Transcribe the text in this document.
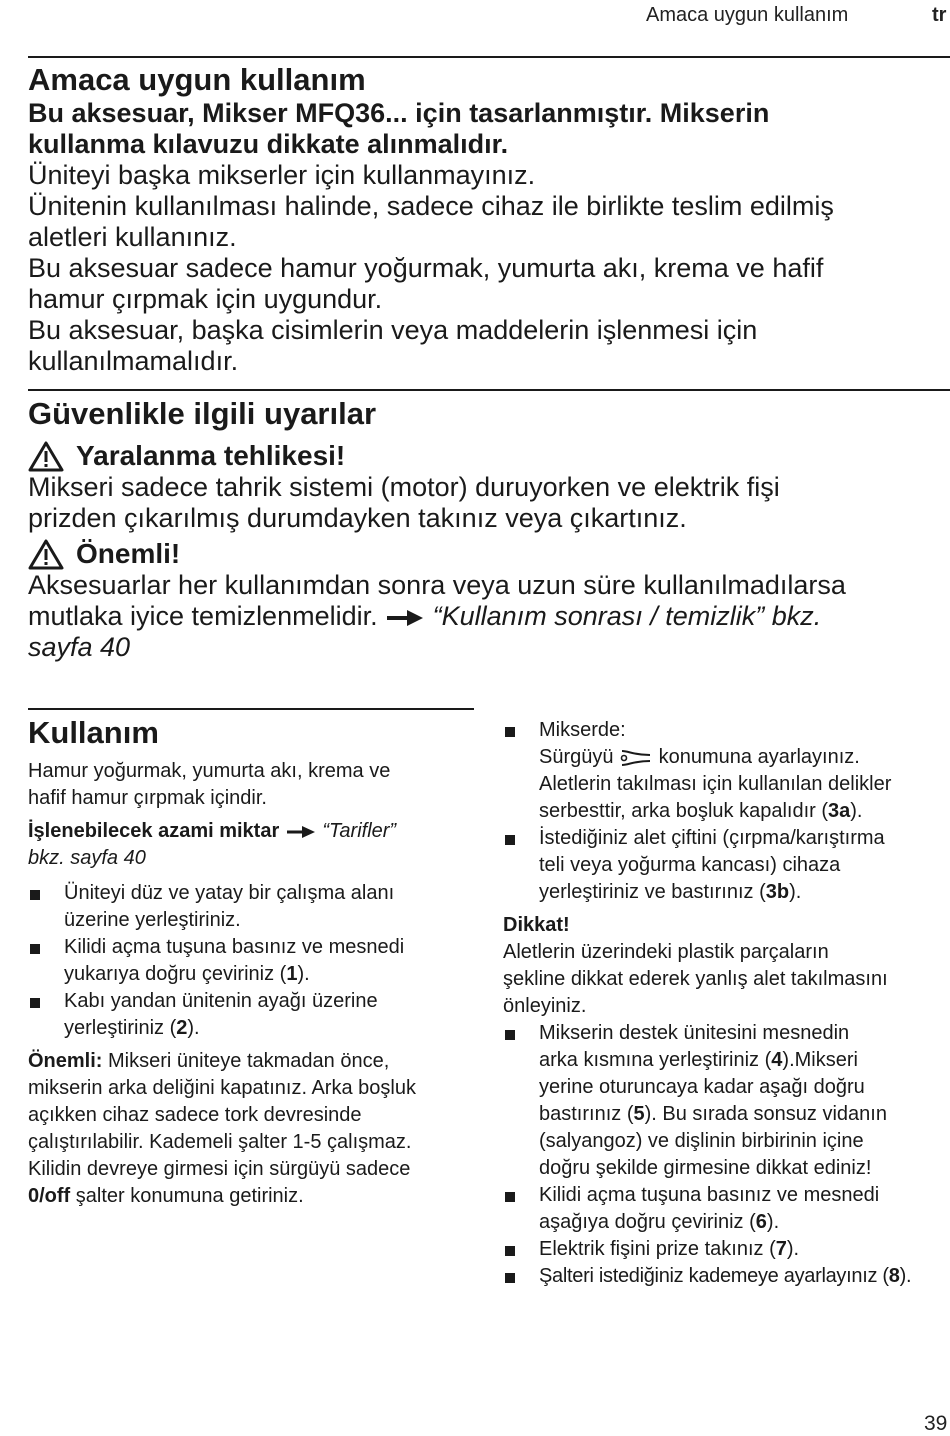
Amaca uygun kullanım	tr
Amaca uygun kullanım

Bu aksesuar, Mikser MFQ36... için tasarlanmıştır. Mikserin

kullanma kılavuzu dikkate alınmalıdır.

Üniteyi başka mikserler için kullanmayınız.

Ünitenin kullanılması halinde, sadece cihaz ile birlikte teslim edilmiş

aletleri kullanınız.

Bu aksesuar sadece hamur yoğurmak, yumurta akı, krema ve hafif

hamur çırpmak için uygundur.

Bu aksesuar, başka cisimlerin veya maddelerin işlenmesi için

kullanılmamalıdır.

Güvenlikle ilgili uyarılar
Yaralanma tehlikesi!

Mikseri sadece tahrik sistemi (motor) duruyorken ve elektrik fişi

prizden çıkarılmış durumdayken takınız veya çıkartınız.

Önemli!

Aksesuarlar her kullanımdan sonra veya uzun süre kullanılmadılarsa

mutlaka iyice temizlenmelidir. “Kullanım sonrası / temizlik” bkz.

sayfa 40

Kullanım

Hamur yoğurmak, yumurta akı, krema ve

hafif hamur çırpmak içindir.

İşlenebilecek azami miktar “Tarifler”

bkz. sayfa 40

Üniteyi düz ve yatay bir çalışma alanı

üzerine yerleştiriniz.

Kilidi açma tuşuna basınız ve mesnedi

yukarıya doğru çeviriniz (1).

Kabı yandan ünitenin ayağı üzerine

yerleştiriniz (2).

Önemli: Mikseri üniteye takmadan önce,

mikserin arka deliğini kapatınız. Arka boşluk

açıkken cihaz sadece tork devresinde

çalıştırılabilir. Kademeli şalter 1-5 çalışmaz.

Kilidin devreye girmesi için sürgüyü sadece

0/off şalter konumuna getiriniz.

Mikserde:

Sürgüyü konumuna ayarlayınız.

Aletlerin takılması için kullanılan delikler

serbesttir, arka boşluk kapalıdır (3a).

İstediğiniz alet çiftini (çırpma/karıştırma

teli veya yoğurma kancası) cihaza

yerleştiriniz ve bastırınız (3b).

Dikkat!

Aletlerin üzerindeki plastik parçaların

şekline dikkat ederek yanlış alet takılmasını

önleyiniz.

Mikserin destek ünitesini mesnedin

arka kısmına yerleştiriniz (4).Mikseri

yerine oturuncaya kadar aşağı doğru

bastırınız (5). Bu sırada sonsuz vidanın

(salyangoz) ve dişlinin birbirinin içine

doğru şekilde girmesine dikkat ediniz!

Kilidi açma tuşuna basınız ve mesnedi

aşağıya doğru çeviriniz (6).

Elektrik fişini prize takınız (7).

Şalteri istediğiniz kademeye ayarlayınız (8).

39
